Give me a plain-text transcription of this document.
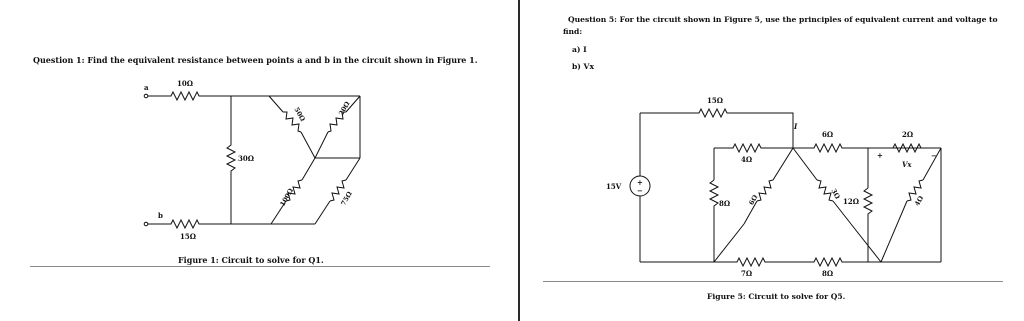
Question 1: Find the equivalent resistance between points a and b in the circuit shown in Figure 1.
a	10Ω
30Ω
50Ω	20Ω
100Ω	75Ω
b
15Ω
Figure 1: Circuit to solve for Q1.
Question 5: For the circuit shown in Figure 5, use the principles of equivalent current and voltage to
find:
a) I
b) Vx
+
−
15V
15Ω
I
4Ω
6Ω	2Ω
+	−
Vx
8Ω	6Ω	3Ω
12Ω	4Ω
7Ω	8Ω
Figure 5: Circuit to solve for Q5.
